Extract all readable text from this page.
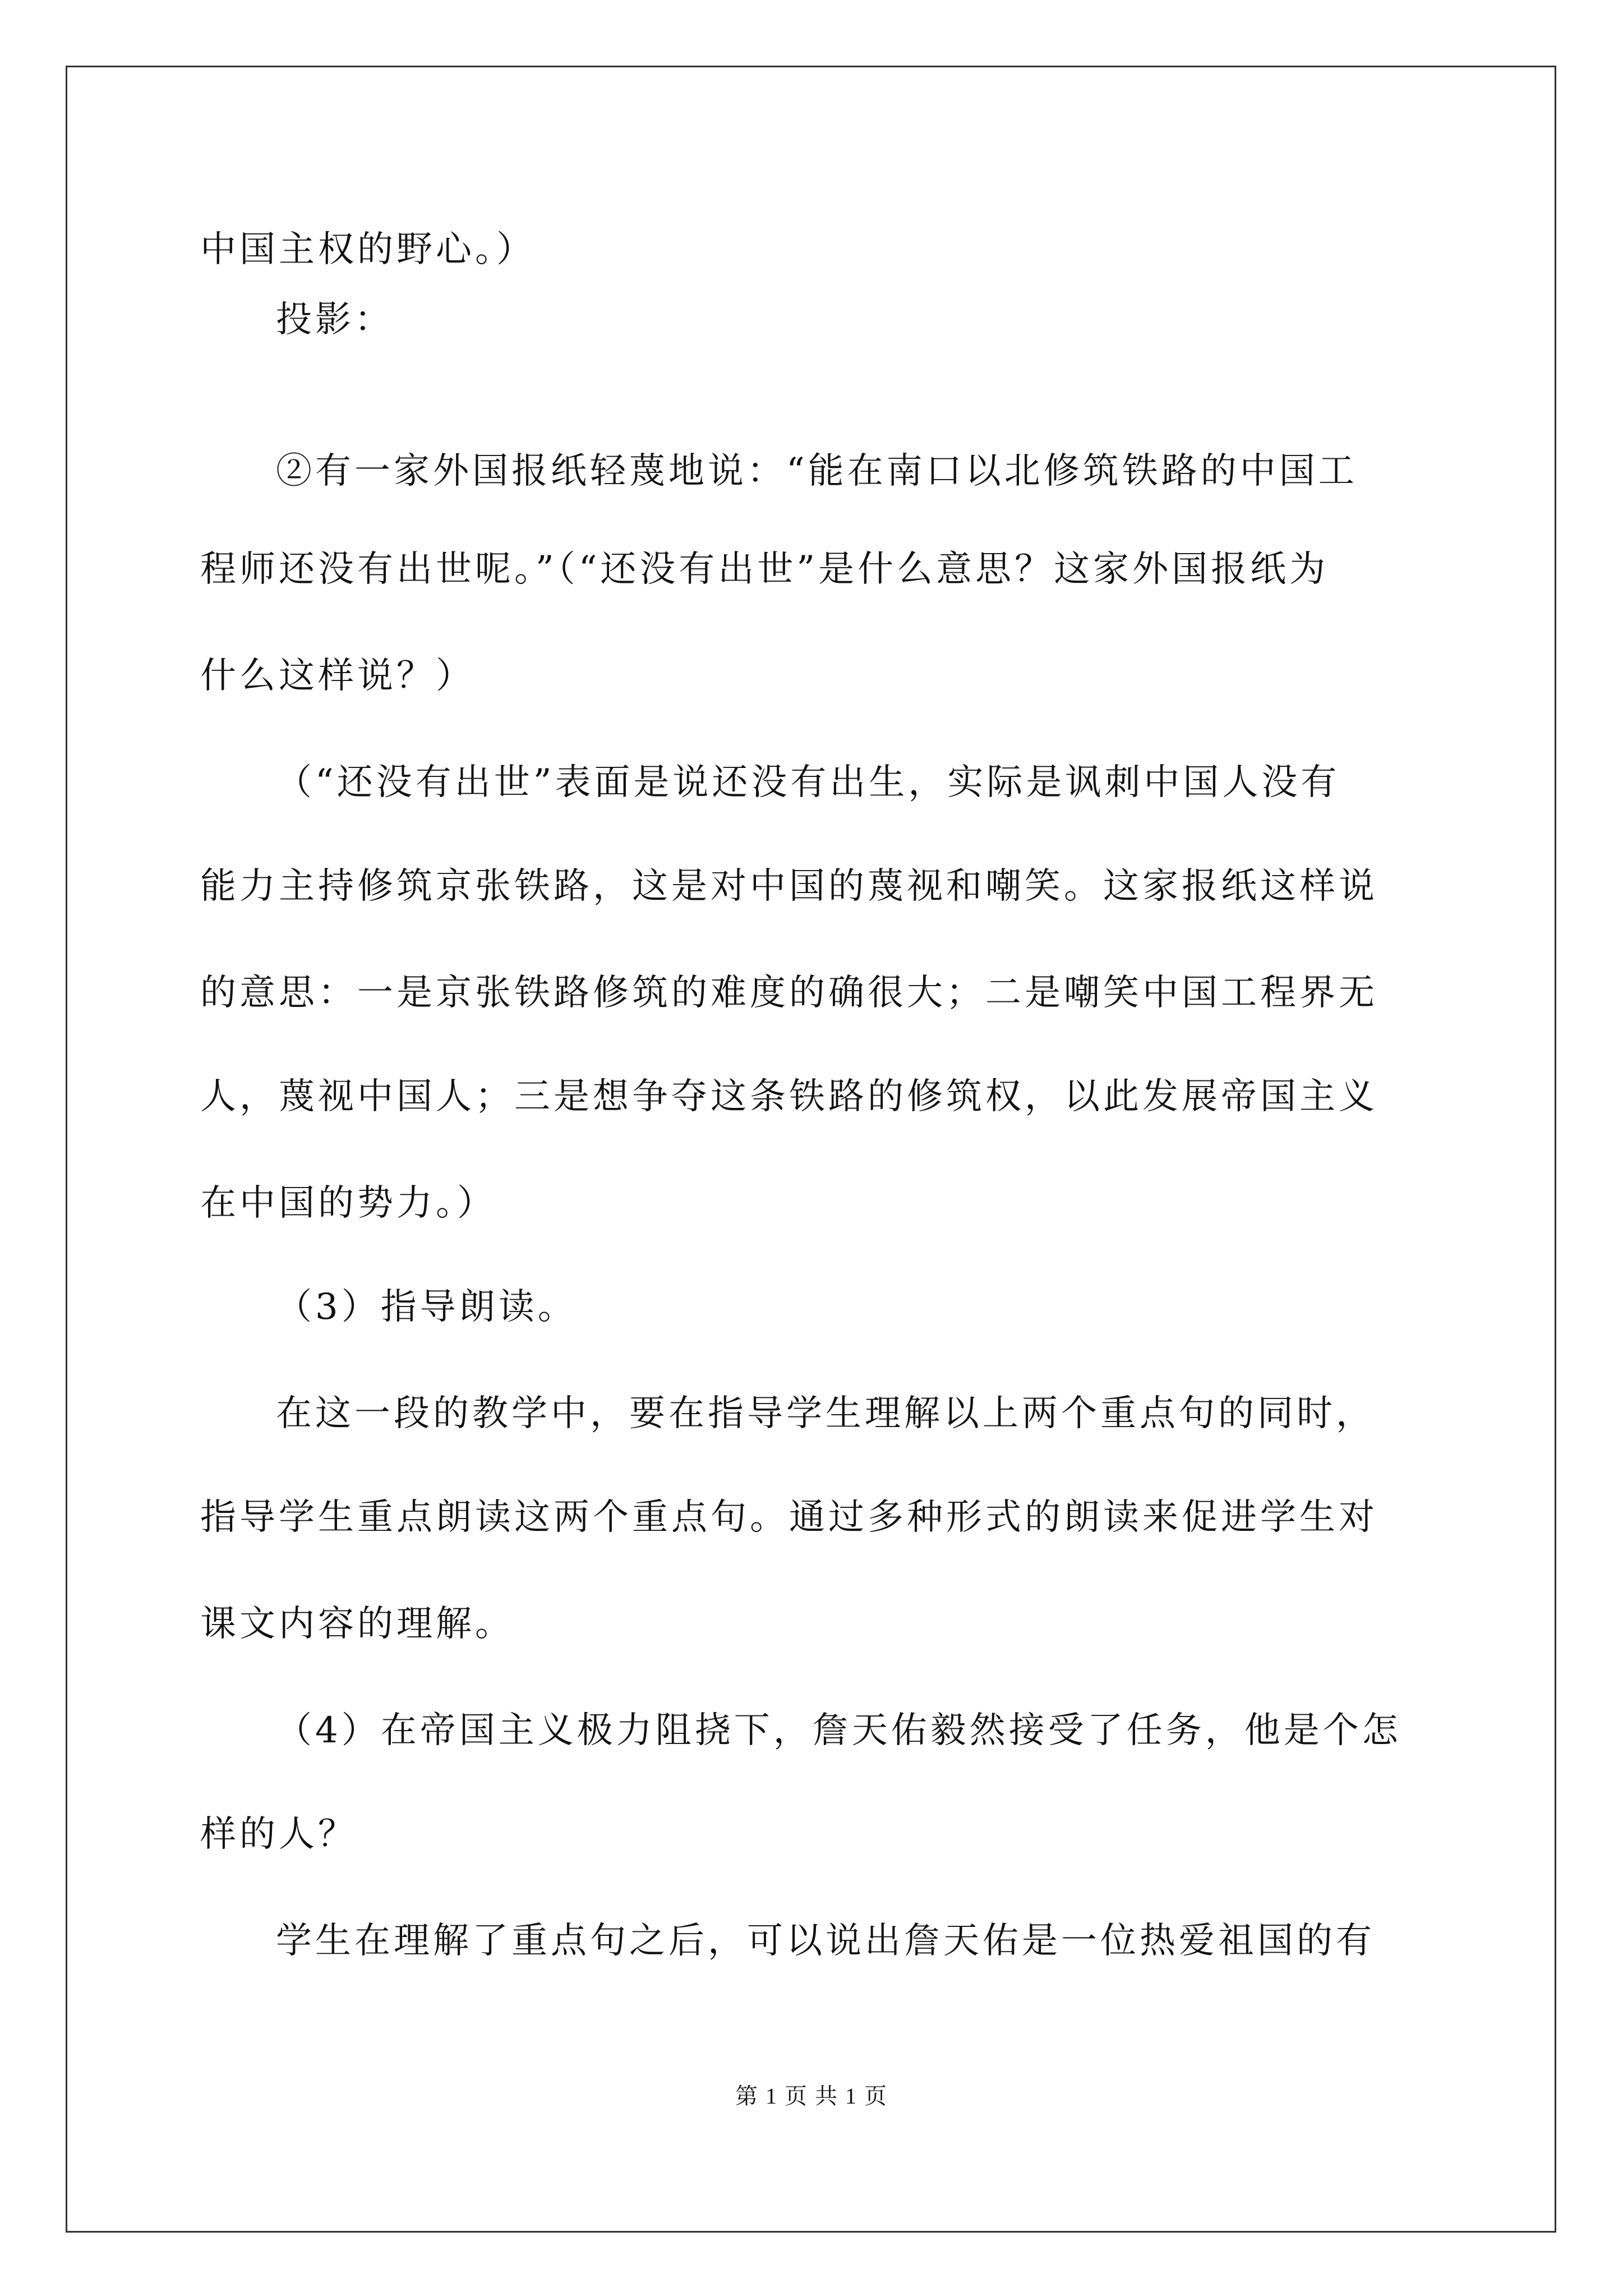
中国主权的野心。）
投影：
②有一家外国报纸轻蔑地说：“能在南口以北修筑铁路的中国工
程师还没有出世呢。”（“还没有出世”是什么意思？这家外国报纸为
什么这样说？）
（“还没有出世”表面是说还没有出生，实际是讽刺中国人没有
能力主持修筑京张铁路，这是对中国的蔑视和嘲笑。这家报纸这样说
的意思：一是京张铁路修筑的难度的确很大；二是嘲笑中国工程界无
人，蔑视中国人；三是想争夺这条铁路的修筑权，以此发展帝国主义
在中国的势力。）
（3）指导朗读。
在这一段的教学中，要在指导学生理解以上两个重点句的同时，
指导学生重点朗读这两个重点句。通过多种形式的朗读来促进学生对
课文内容的理解。
（4）在帝国主义极力阻挠下，詹天佑毅然接受了任务，他是个怎
样的人？
学生在理解了重点句之后，可以说出詹天佑是一位热爱祖国的有
第 1 页 共 1 页
